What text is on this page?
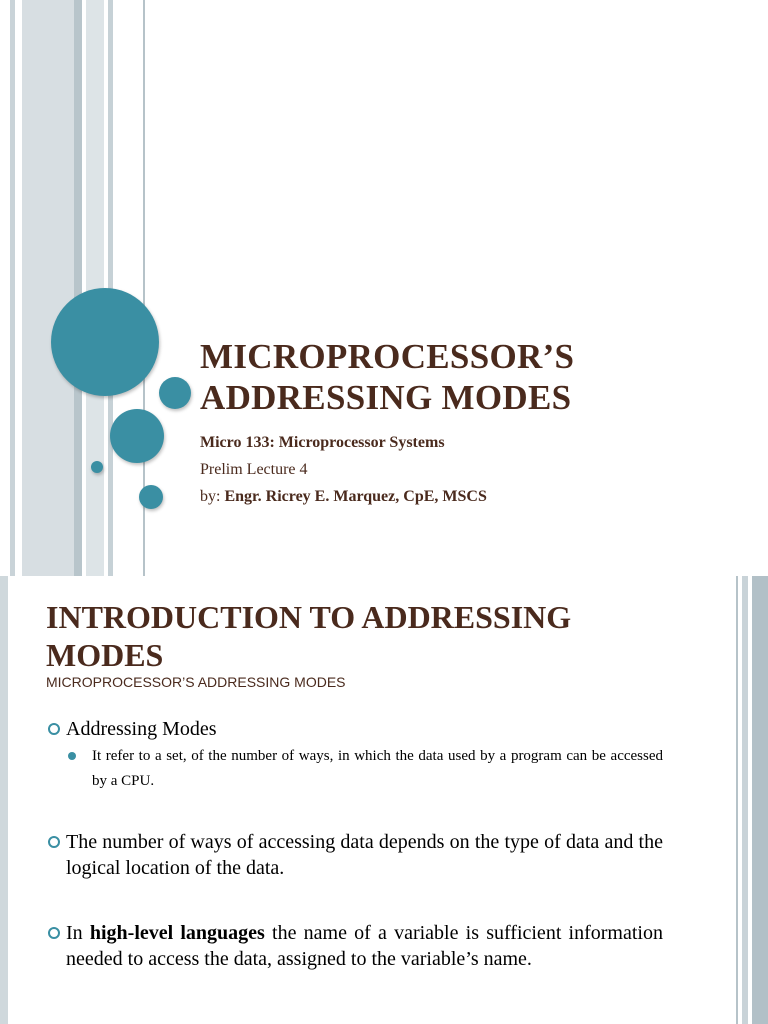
MICROPROCESSOR’S
ADDRESSING MODES
Micro 133: Microprocessor Systems
Prelim Lecture 4
by: Engr. Ricrey E. Marquez, CpE, MSCS
INTRODUCTION TO ADDRESSING
MODES
MICROPROCESSOR’S ADDRESSING MODES
Addressing Modes
It refer to a set, of the number of ways, in which the data used by a program can be accessed by a CPU.
The number of ways of accessing data depends on the type of data and the logical location of the data.
In high-level languages the name of a variable is sufficient information needed to access the data, assigned to the variable’s name.
